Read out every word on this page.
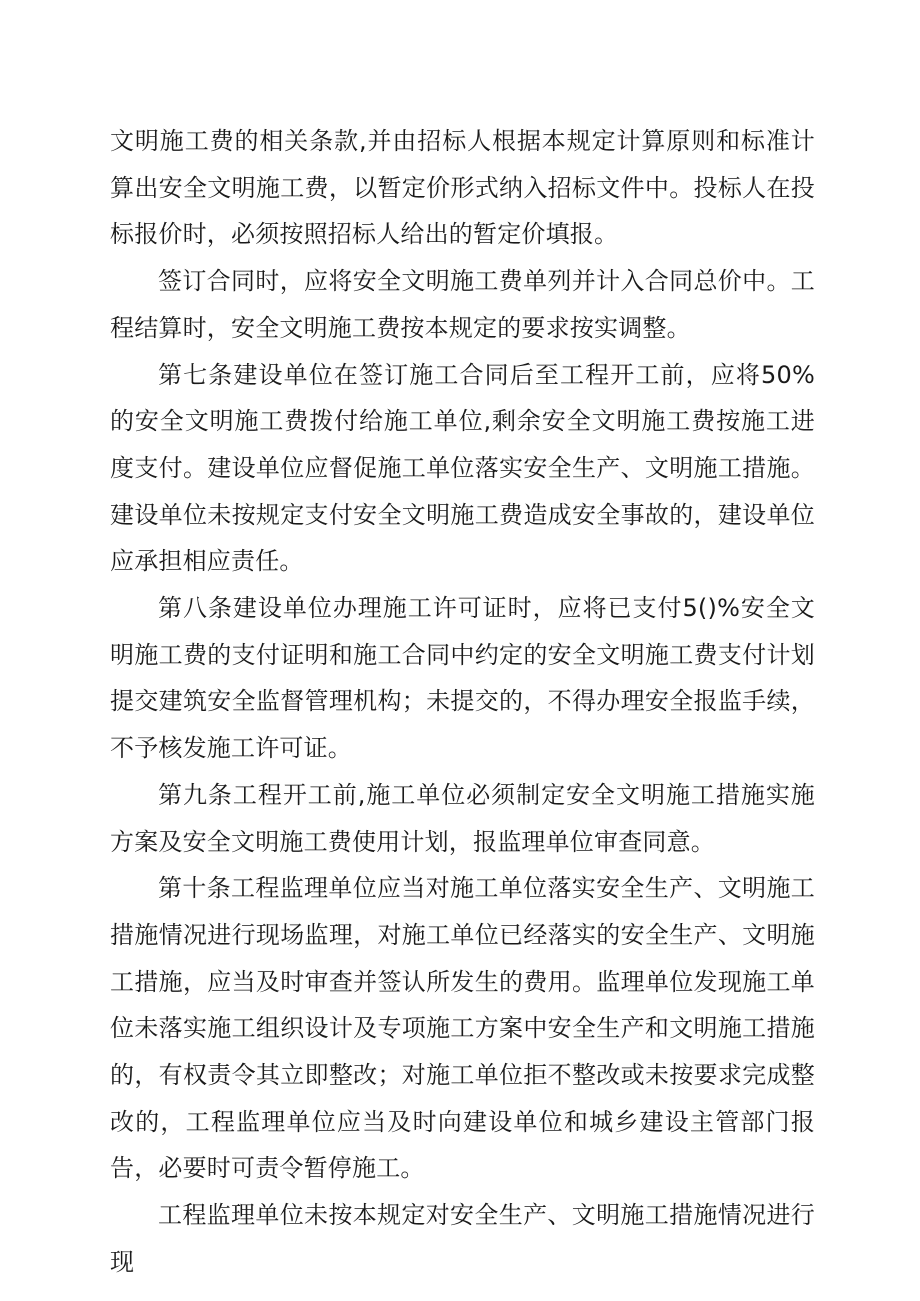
文明施工费的相关条款,并由招标人根据本规定计算原则和标准计算出安全文明施工费，以暂定价形式纳入招标文件中。投标人在投标报价时，必须按照招标人给出的暂定价填报。

签订合同时，应将安全文明施工费单列并计入合同总价中。工程结算时，安全文明施工费按本规定的要求按实调整。

第七条建设单位在签订施工合同后至工程开工前，应将50%的安全文明施工费拨付给施工单位,剩余安全文明施工费按施工进度支付。建设单位应督促施工单位落实安全生产、文明施工措施。建设单位未按规定支付安全文明施工费造成安全事故的，建设单位应承担相应责任。

第八条建设单位办理施工许可证时，应将已支付5()%安全文明施工费的支付证明和施工合同中约定的安全文明施工费支付计划提交建筑安全监督管理机构；未提交的，不得办理安全报监手续，不予核发施工许可证。

第九条工程开工前,施工单位必须制定安全文明施工措施实施方案及安全文明施工费使用计划，报监理单位审查同意。

第十条工程监理单位应当对施工单位落实安全生产、文明施工措施情况进行现场监理，对施工单位已经落实的安全生产、文明施工措施，应当及时审查并签认所发生的费用。监理单位发现施工单位未落实施工组织设计及专项施工方案中安全生产和文明施工措施的，有权责令其立即整改；对施工单位拒不整改或未按要求完成整改的，工程监理单位应当及时向建设单位和城乡建设主管部门报告，必要时可责令暂停施工。

工程监理单位未按本规定对安全生产、文明施工措施情况进行现
